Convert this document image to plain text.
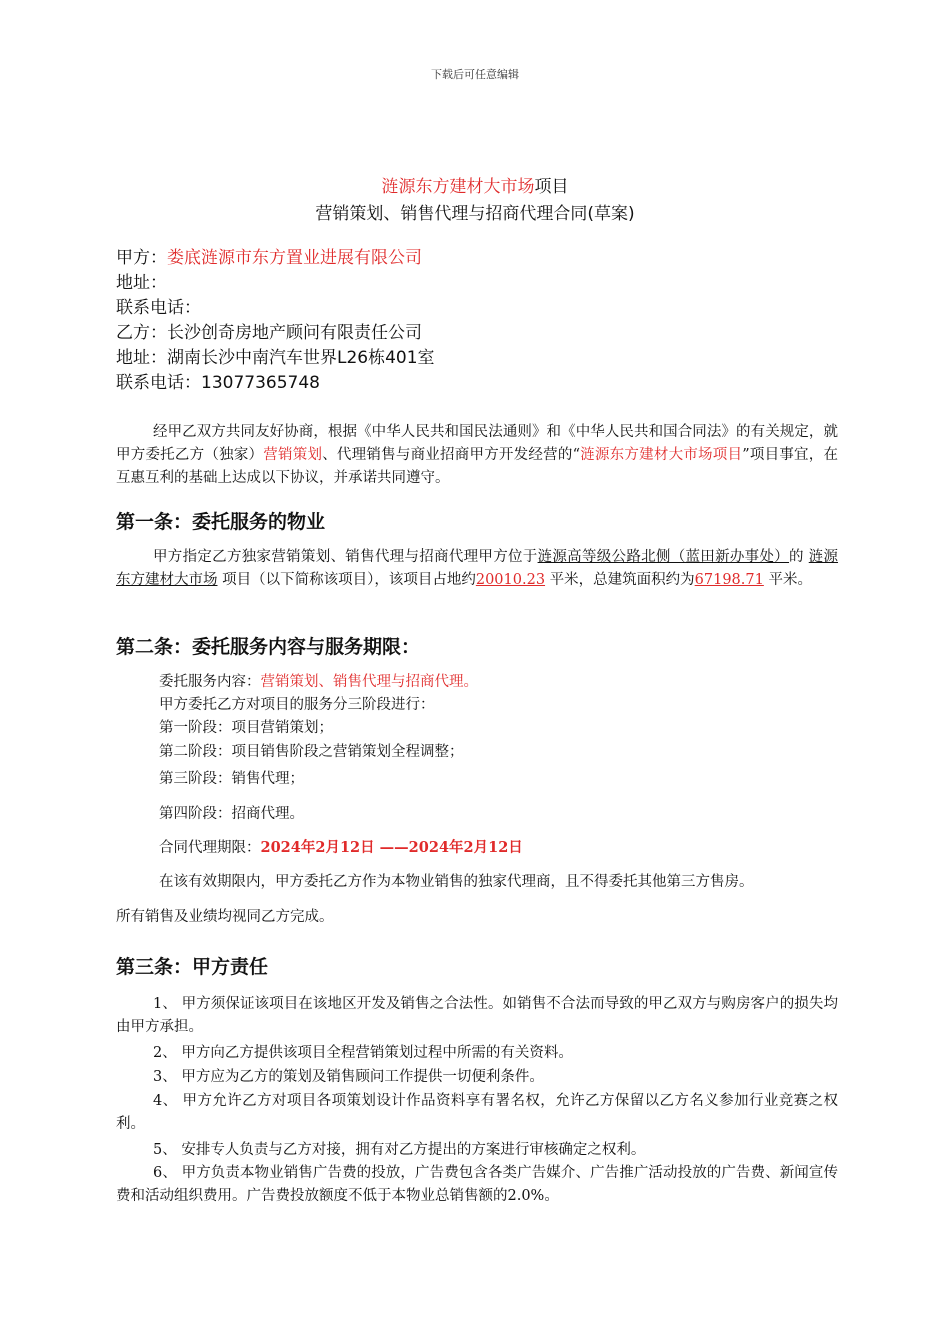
下载后可任意编辑
涟源东方建材大市场项目
营销策划、销售代理与招商代理合同(草案)
甲方：娄底涟源市东方置业进展有限公司
地址：
联系电话：
乙方：长沙创奇房地产顾问有限责任公司
地址：湖南长沙中南汽车世界L26栋401室
联系电话：13077365748
经甲乙双方共同友好协商，根据《中华人民共和国民法通则》和《中华人民共和国合同法》的有关规定，就甲方委托乙方（独家）营销策划、代理销售与商业招商甲方开发经营的“涟源东方建材大市场项目”项目事宜，在互惠互利的基础上达成以下协议，并承诺共同遵守。
第一条：委托服务的物业
甲方指定乙方独家营销策划、销售代理与招商代理甲方位于涟源高等级公路北侧（蓝田新办事处）的 涟源东方建材大市场 项目（以下简称该项目），该项目占地约20010.23 平米，总建筑面积约为67198.71 平米。
第二条：委托服务内容与服务期限：
委托服务内容：营销策划、销售代理与招商代理。
甲方委托乙方对项目的服务分三阶段进行：
第一阶段：项目营销策划；
第二阶段：项目销售阶段之营销策划全程调整；
第三阶段：销售代理；
第四阶段：招商代理。
合同代理期限：2024年2月12日 ——2024年2月12日
在该有效期限内，甲方委托乙方作为本物业销售的独家代理商，且不得委托其他第三方售房。
所有销售及业绩均视同乙方完成。
第三条：甲方责任
1、 甲方须保证该项目在该地区开发及销售之合法性。如销售不合法而导致的甲乙双方与购房客户的损失均由甲方承担。
2、 甲方向乙方提供该项目全程营销策划过程中所需的有关资料。
3、 甲方应为乙方的策划及销售顾问工作提供一切便利条件。
4、 甲方允许乙方对项目各项策划设计作品资料享有署名权，允许乙方保留以乙方名义参加行业竞赛之权利。
5、 安排专人负责与乙方对接，拥有对乙方提出的方案进行审核确定之权利。
6、 甲方负责本物业销售广告费的投放，广告费包含各类广告媒介、广告推广活动投放的广告费、新闻宣传费和活动组织费用。广告费投放额度不低于本物业总销售额的2.0%。
